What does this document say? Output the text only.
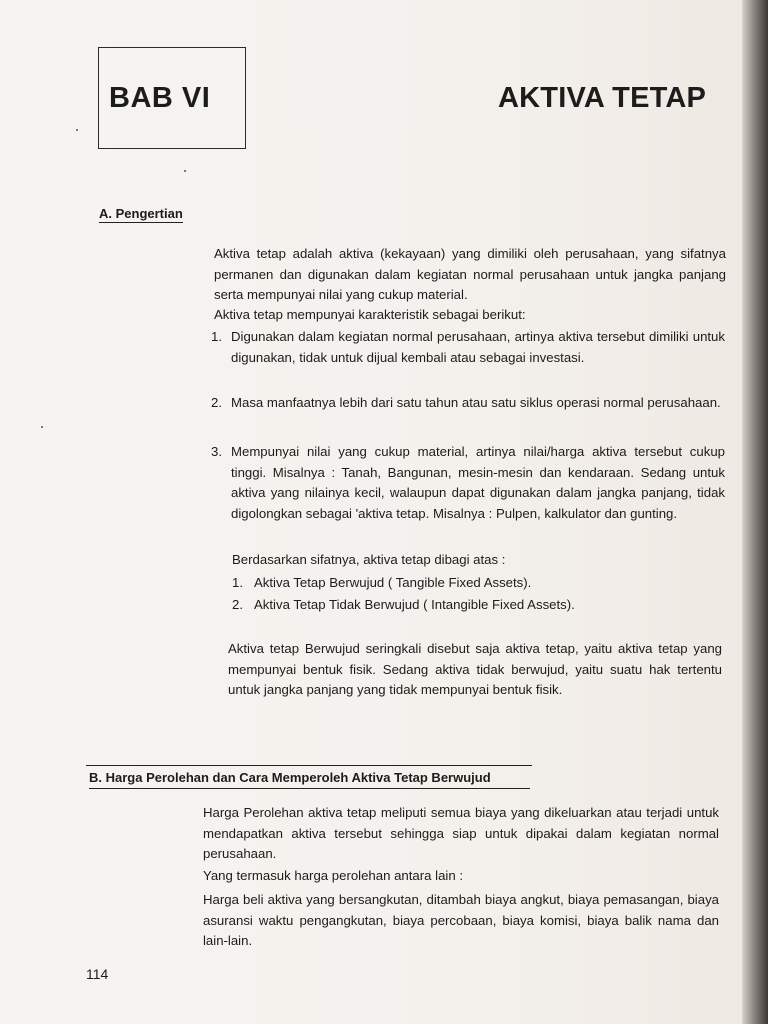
BAB VI	AKTIVA TETAP
A. Pengertian
Aktiva tetap adalah aktiva (kekayaan) yang dimiliki oleh perusahaan, yang sifatnya permanen dan digunakan dalam kegiatan normal perusahaan untuk jangka panjang serta mempunyai nilai yang cukup material.
Aktiva tetap mempunyai karakteristik sebagai berikut:
1. Digunakan dalam kegiatan normal perusahaan, artinya aktiva tersebut dimiliki untuk digunakan, tidak untuk dijual kembali atau sebagai investasi.
2. Masa manfaatnya lebih dari satu tahun atau satu siklus operasi normal perusahaan.
3. Mempunyai nilai yang cukup material, artinya nilai/harga aktiva tersebut cukup tinggi. Misalnya : Tanah, Bangunan, mesin-mesin dan kendaraan. Sedang untuk aktiva yang nilainya kecil, walaupun dapat digunakan dalam jangka panjang, tidak digolongkan sebagai 'aktiva tetap. Misalnya : Pulpen, kalkulator dan gunting.
Berdasarkan sifatnya, aktiva tetap dibagi atas :
1. Aktiva Tetap Berwujud ( Tangible Fixed Assets).
2. Aktiva Tetap Tidak Berwujud ( Intangible Fixed Assets).
Aktiva tetap Berwujud seringkali disebut saja aktiva tetap, yaitu aktiva tetap yang mempunyai bentuk fisik. Sedang aktiva tidak berwujud, yaitu suatu hak tertentu untuk jangka panjang yang tidak mempunyai bentuk fisik.
B. Harga Perolehan dan Cara Memperoleh Aktiva Tetap Berwujud
Harga Perolehan aktiva tetap meliputi semua biaya yang dikeluarkan atau terjadi untuk mendapatkan aktiva tersebut sehingga siap untuk dipakai dalam kegiatan normal perusahaan.
Yang termasuk harga perolehan antara lain :
Harga beli aktiva yang bersangkutan, ditambah biaya angkut, biaya pemasangan, biaya asuransi waktu pengangkutan, biaya percobaan, biaya komisi, biaya balik nama dan lain-lain.
114
